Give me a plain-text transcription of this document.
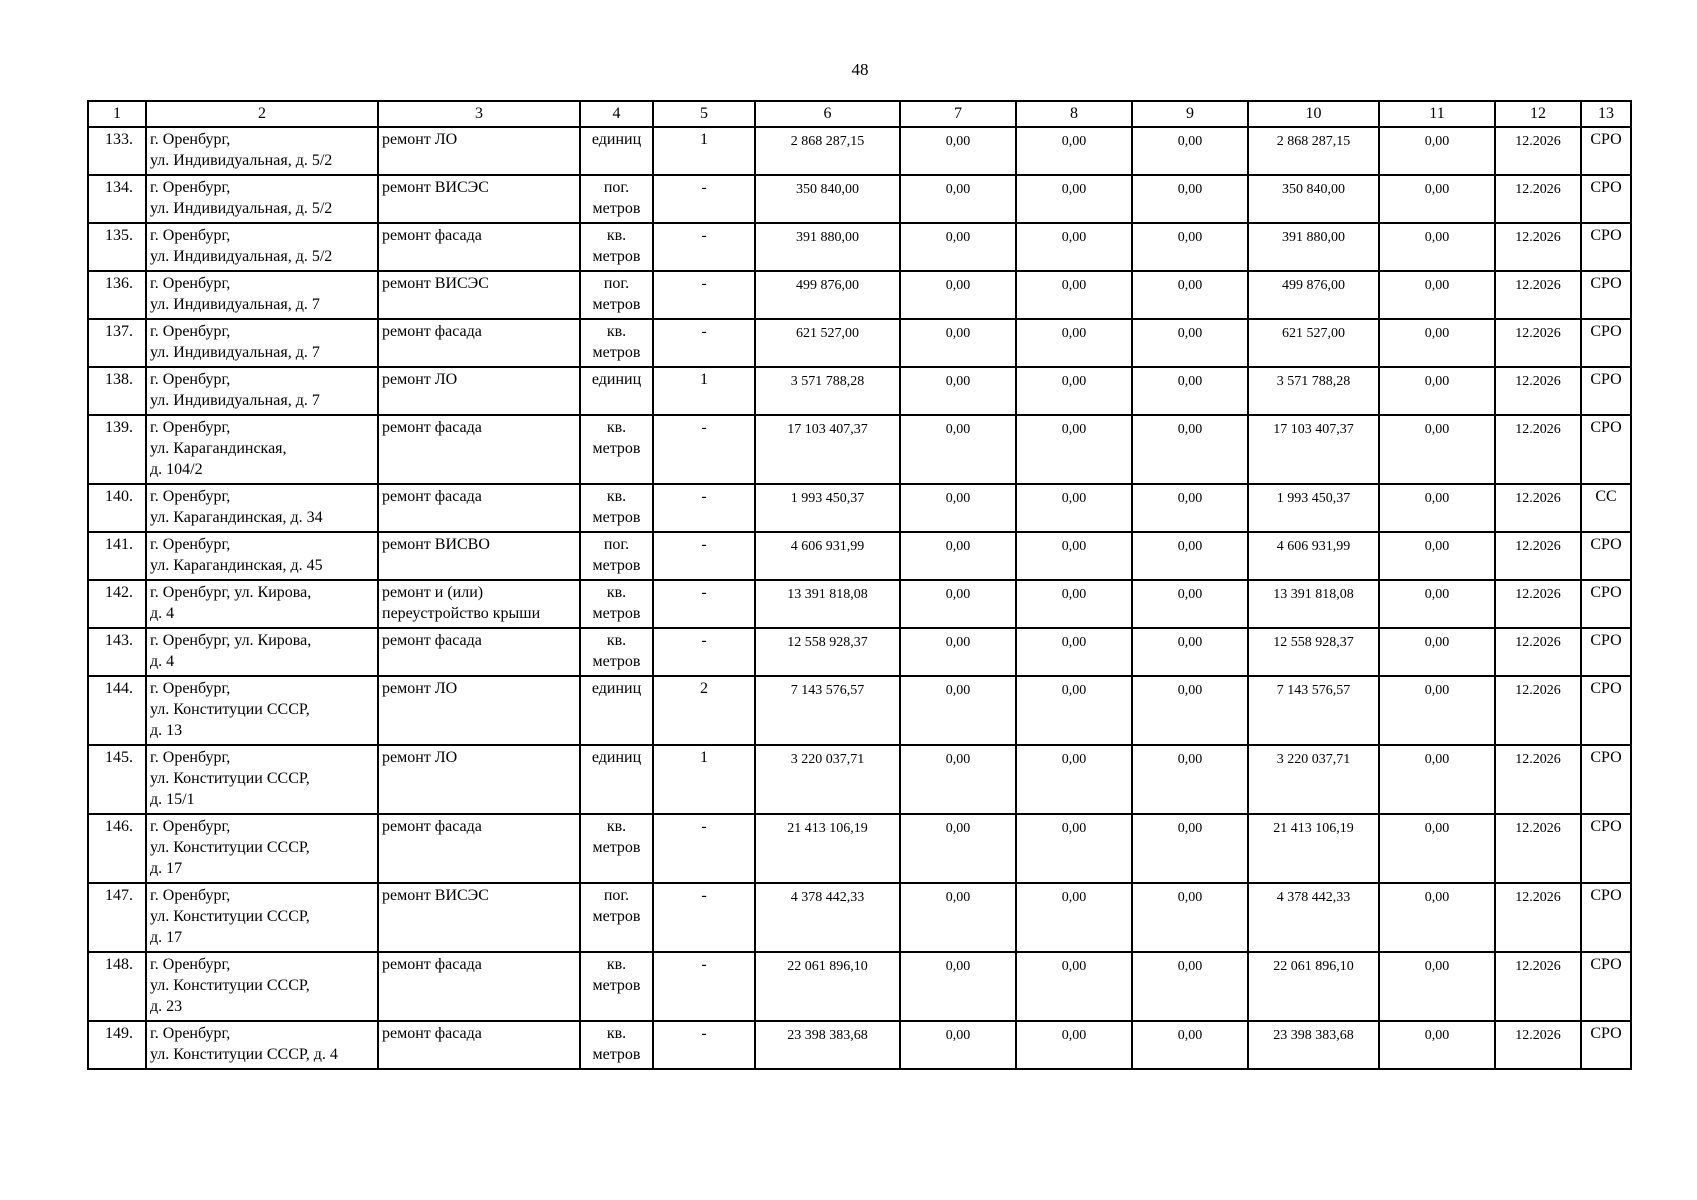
48
1	2	3	4	5	6	7	8	9	10	11	12	13
133.	г. Оренбург,
ул. Индивидуальная, д. 5/2	ремонт ЛО	единиц	1	2 868 287,15	0,00	0,00	0,00	2 868 287,15	0,00	12.2026	СРО
134.	г. Оренбург,
ул. Индивидуальная, д. 5/2	ремонт ВИСЭС	пог.
метров	-	350 840,00	0,00	0,00	0,00	350 840,00	0,00	12.2026	СРО
135.	г. Оренбург,
ул. Индивидуальная, д. 5/2	ремонт фасада	кв.
метров	-	391 880,00	0,00	0,00	0,00	391 880,00	0,00	12.2026	СРО
136.	г. Оренбург,
ул. Индивидуальная, д. 7	ремонт ВИСЭС	пог.
метров	-	499 876,00	0,00	0,00	0,00	499 876,00	0,00	12.2026	СРО
137.	г. Оренбург,
ул. Индивидуальная, д. 7	ремонт фасада	кв.
метров	-	621 527,00	0,00	0,00	0,00	621 527,00	0,00	12.2026	СРО
138.	г. Оренбург,
ул. Индивидуальная, д. 7	ремонт ЛО	единиц	1	3 571 788,28	0,00	0,00	0,00	3 571 788,28	0,00	12.2026	СРО
139.	г. Оренбург,
ул. Карагандинская,
д. 104/2	ремонт фасада	кв.
метров	-	17 103 407,37	0,00	0,00	0,00	17 103 407,37	0,00	12.2026	СРО
140.	г. Оренбург,
ул. Карагандинская, д. 34	ремонт фасада	кв.
метров	-	1 993 450,37	0,00	0,00	0,00	1 993 450,37	0,00	12.2026	СС
141.	г. Оренбург,
ул. Карагандинская, д. 45	ремонт ВИСВО	пог.
метров	-	4 606 931,99	0,00	0,00	0,00	4 606 931,99	0,00	12.2026	СРО
142.	г. Оренбург, ул. Кирова,
д. 4	ремонт и (или)
переустройство крыши	кв.
метров	-	13 391 818,08	0,00	0,00	0,00	13 391 818,08	0,00	12.2026	СРО
143.	г. Оренбург, ул. Кирова,
д. 4	ремонт фасада	кв.
метров	-	12 558 928,37	0,00	0,00	0,00	12 558 928,37	0,00	12.2026	СРО
144.	г. Оренбург,
ул. Конституции СССР,
д. 13	ремонт ЛО	единиц	2	7 143 576,57	0,00	0,00	0,00	7 143 576,57	0,00	12.2026	СРО
145.	г. Оренбург,
ул. Конституции СССР,
д. 15/1	ремонт ЛО	единиц	1	3 220 037,71	0,00	0,00	0,00	3 220 037,71	0,00	12.2026	СРО
146.	г. Оренбург,
ул. Конституции СССР,
д. 17	ремонт фасада	кв.
метров	-	21 413 106,19	0,00	0,00	0,00	21 413 106,19	0,00	12.2026	СРО
147.	г. Оренбург,
ул. Конституции СССР,
д. 17	ремонт ВИСЭС	пог.
метров	-	4 378 442,33	0,00	0,00	0,00	4 378 442,33	0,00	12.2026	СРО
148.	г. Оренбург,
ул. Конституции СССР,
д. 23	ремонт фасада	кв.
метров	-	22 061 896,10	0,00	0,00	0,00	22 061 896,10	0,00	12.2026	СРО
149.	г. Оренбург,
ул. Конституции СССР, д. 4	ремонт фасада	кв.
метров	-	23 398 383,68	0,00	0,00	0,00	23 398 383,68	0,00	12.2026	СРО
